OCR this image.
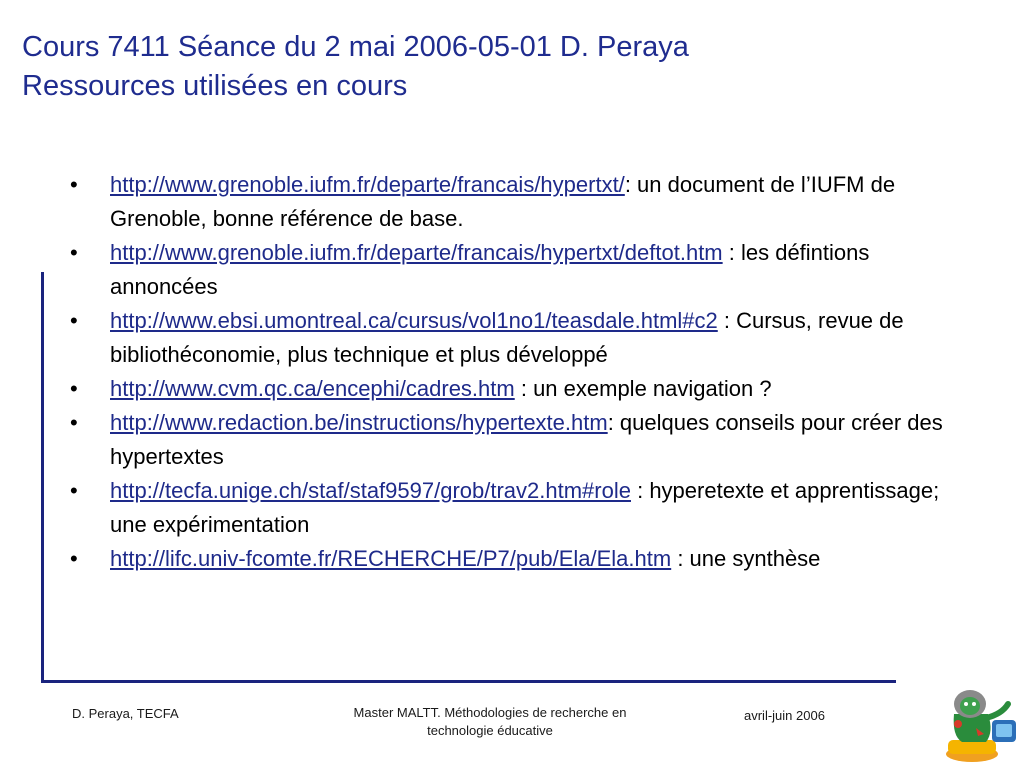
Cours 7411 Séance du 2 mai 2006-05-01 D. Peraya
Ressources utilisées en cours
• http://www.grenoble.iufm.fr/departe/francais/hypertxt/: un document de l’IUFM de Grenoble, bonne référence de base.
• http://www.grenoble.iufm.fr/departe/francais/hypertxt/deftot.htm : les défintions annoncées
• http://www.ebsi.umontreal.ca/cursus/vol1no1/teasdale.html#c2 : Cursus, revue de bibliothéconomie, plus technique et plus développé
• http://www.cvm.qc.ca/encephi/cadres.htm : un exemple navigation ?
• http://www.redaction.be/instructions/hypertexte.htm: quelques conseils pour créer des hypertextes
• http://tecfa.unige.ch/staf/staf9597/grob/trav2.htm#role : hyperetexte et apprentissage; une expérimentation
• http://lifc.univ-fcomte.fr/RECHERCHE/P7/pub/Ela/Ela.htm : une synthèse
D. Peraya, TECFA	Master MALTT. Méthodologies de recherche en
technologie éducative
avril-juin 2006
